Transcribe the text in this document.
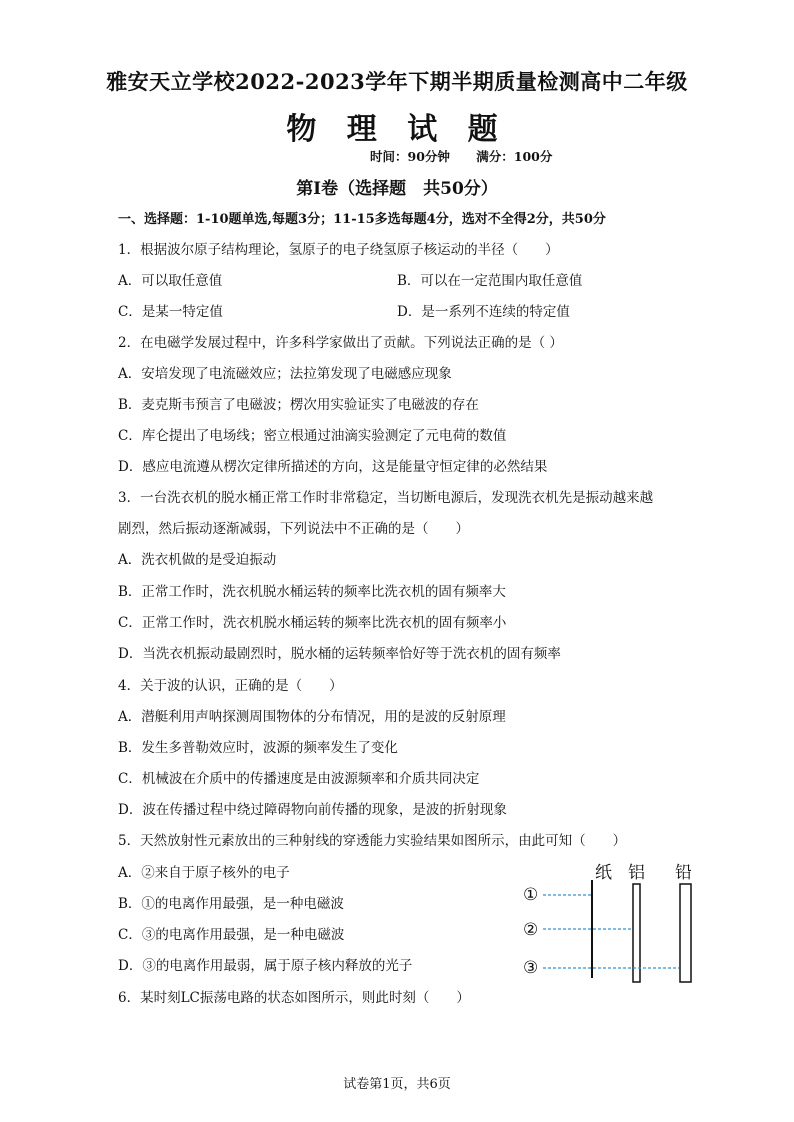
雅安天立学校2022-2023学年下期半期质量检测高中二年级
物 理 试 题
时间：90分钟 满分：100分
第Ⅰ卷（选择题　共50分）
一、选择题：1-10题单选,每题3分；11-15多选每题4分，选对不全得2分，共50分
1．根据波尔原子结构理论，氢原子的电子绕氢原子核运动的半径（　　）
A．可以取任意值	B．可以在一定范围内取任意值
C．是某一特定值	D．是一系列不连续的特定值
2．在电磁学发展过程中，许多科学家做出了贡献。下列说法正确的是（ ）
A．安培发现了电流磁效应；法拉第发现了电磁感应现象
B．麦克斯韦预言了电磁波；楞次用实验证实了电磁波的存在
C．库仑提出了电场线；密立根通过油滴实验测定了元电荷的数值
D．感应电流遵从楞次定律所描述的方向，这是能量守恒定律的必然结果
3．一台洗衣机的脱水桶正常工作时非常稳定，当切断电源后，发现洗衣机先是振动越来越
剧烈，然后振动逐渐减弱，下列说法中不正确的是（　　）
A．洗衣机做的是受迫振动
B．正常工作时，洗衣机脱水桶运转的频率比洗衣机的固有频率大
C．正常工作时，洗衣机脱水桶运转的频率比洗衣机的固有频率小
D．当洗衣机振动最剧烈时，脱水桶的运转频率恰好等于洗衣机的固有频率
4．关于波的认识，正确的是（　　）
A．潜艇利用声呐探测周围物体的分布情况，用的是波的反射原理
B．发生多普勒效应时，波源的频率发生了变化
C．机械波在介质中的传播速度是由波源频率和介质共同决定
D．波在传播过程中绕过障碍物向前传播的现象，是波的折射现象
5．天然放射性元素放出的三种射线的穿透能力实验结果如图所示，由此可知（　　）
A．②来自于原子核外的电子
B．①的电离作用最强，是一种电磁波
C．③的电离作用最强，是一种电磁波
D．③的电离作用最弱，属于原子核内释放的光子
6．某时刻LC振荡电路的状态如图所示，则此时刻（　　）
纸 铝 铅
①
②
③
试卷第1页，共6页
